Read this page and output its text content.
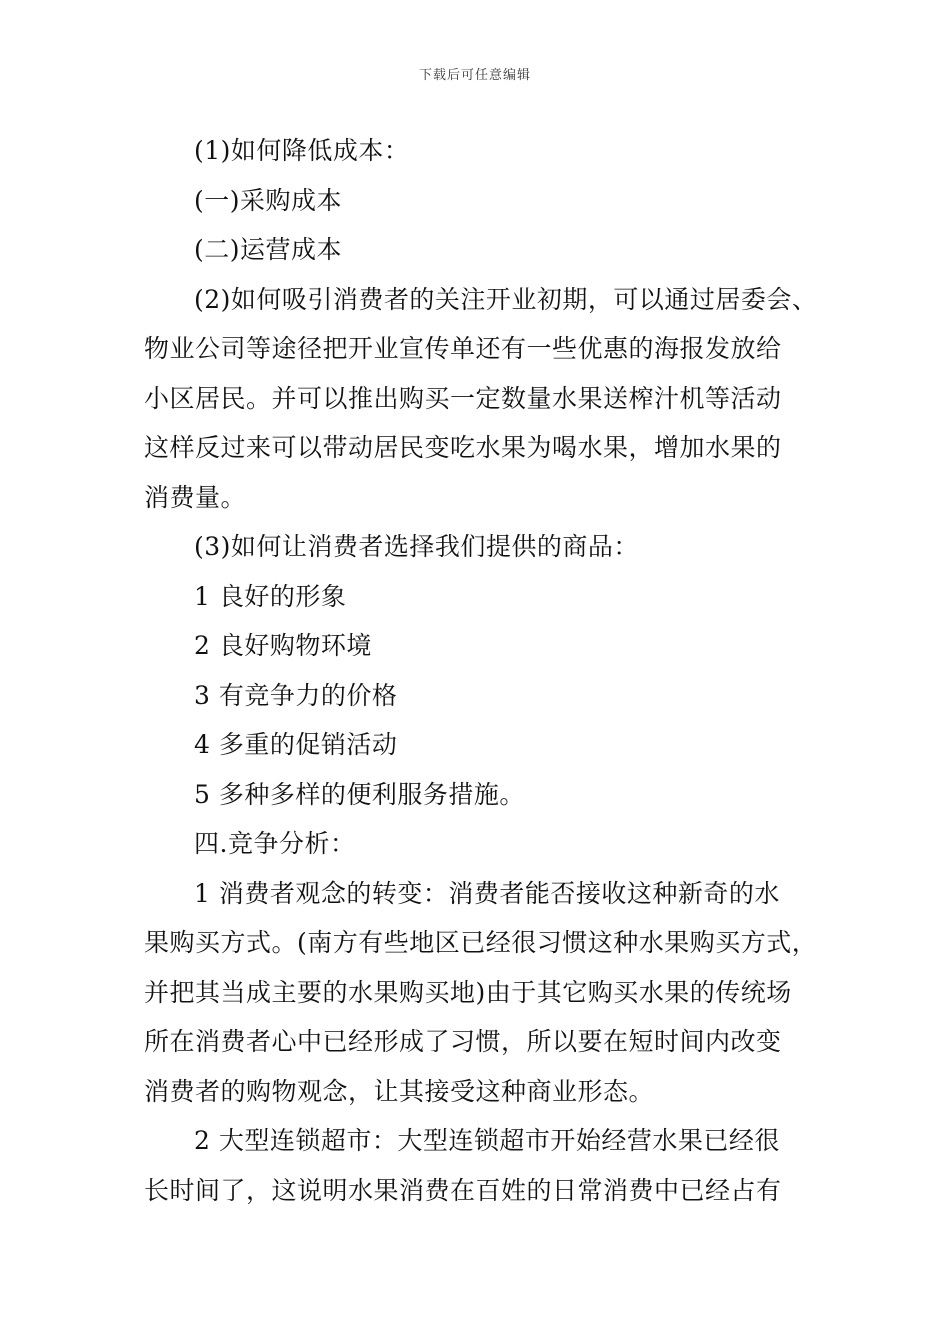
下载后可任意编辑
(1)如何降低成本：
(一)采购成本
(二)运营成本
(2)如何吸引消费者的关注开业初期，可以通过居委会、
物业公司等途径把开业宣传单还有一些优惠的海报发放给
小区居民。并可以推出购买一定数量水果送榨汁机等活动
这样反过来可以带动居民变吃水果为喝水果，增加水果的
消费量。
(3)如何让消费者选择我们提供的商品：
1 良好的形象
2 良好购物环境
3 有竞争力的价格
4 多重的促销活动
5 多种多样的便利服务措施。
四.竞争分析：
1 消费者观念的转变：消费者能否接收这种新奇的水
果购买方式。(南方有些地区已经很习惯这种水果购买方式，
并把其当成主要的水果购买地)由于其它购买水果的传统场
所在消费者心中已经形成了习惯，所以要在短时间内改变
消费者的购物观念，让其接受这种商业形态。
2 大型连锁超市：大型连锁超市开始经营水果已经很
长时间了，这说明水果消费在百姓的日常消费中已经占有
